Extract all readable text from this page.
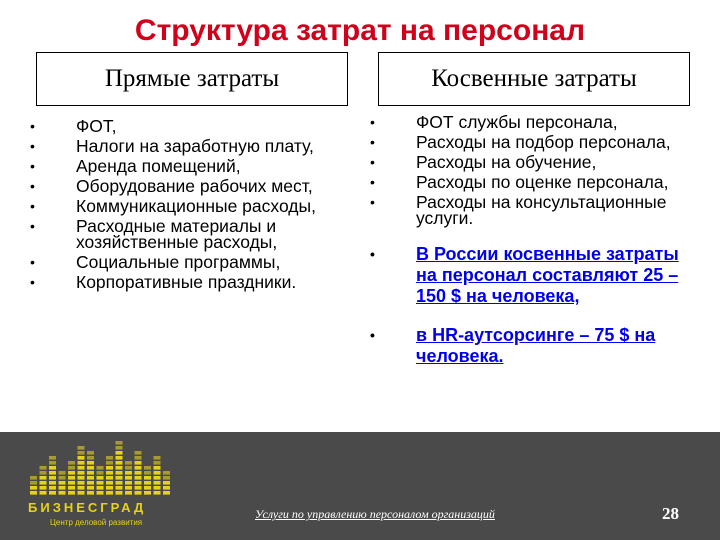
Структура затрат на персонал
Прямые затраты	Косвенные затраты
•	ФОТ,
•	Налоги на заработную плату,
•	Аренда помещений,
•	Оборудование рабочих мест,
•	Коммуникационные расходы,
•	Расходные материалы и хозяйственные расходы,
•	Социальные программы,
•	Корпоративные праздники.
•	ФОТ службы персонала,
•	Расходы на подбор персонала,
•	Расходы на обучение,
•	Расходы по оценке персонала,
•	Расходы на консультационные услуги.
•	В России косвенные затраты на персонал составляют 25 – 150 $ на человека,
•	в HR-аутсорсинге – 75 $ на человека.
БИЗНЕСГРАД
Центр деловой развития
Услуги по управлению персоналом организаций	28
